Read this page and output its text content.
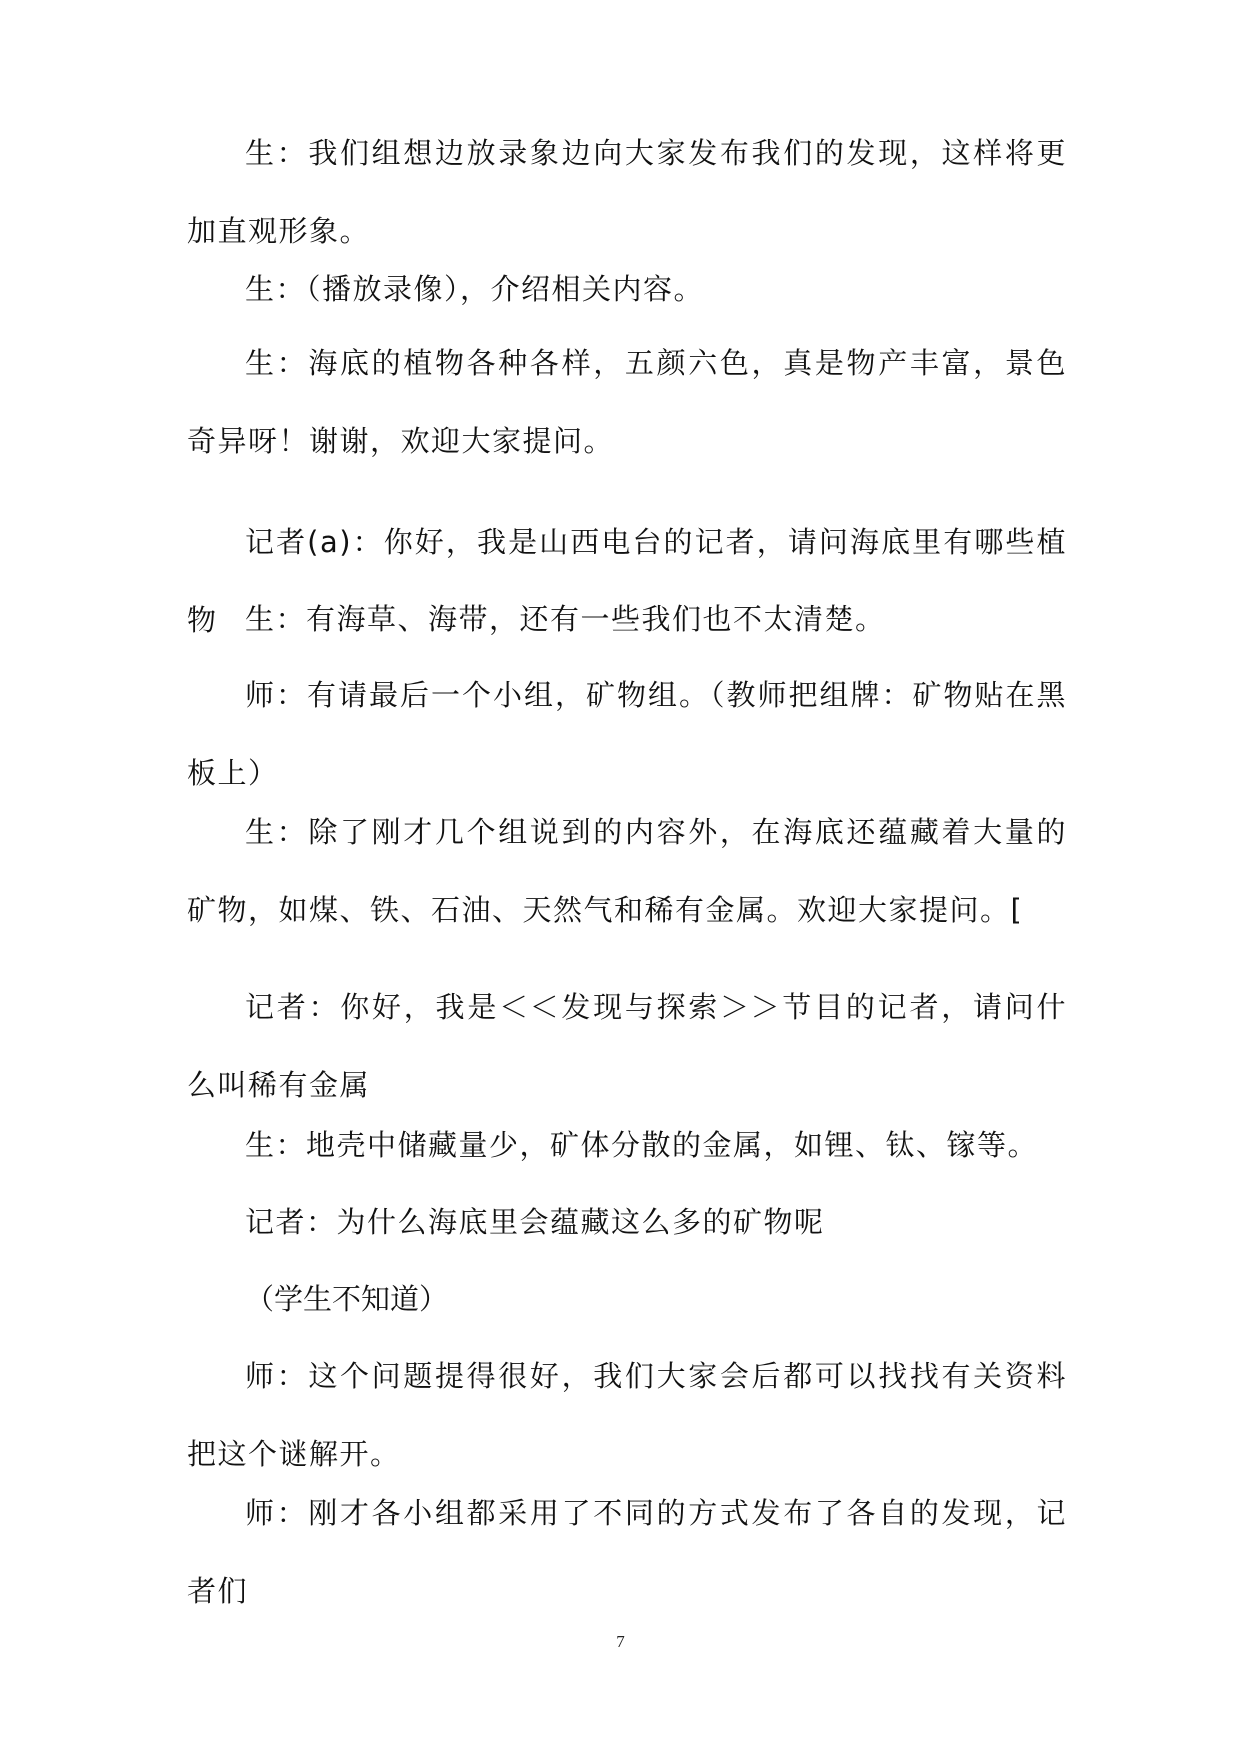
生：我们组想边放录象边向大家发布我们的发现，这样将更加直观形象。

生：（播放录像），介绍相关内容。

生：海底的植物各种各样，五颜六色，真是物产丰富，景色奇异呀！谢谢，欢迎大家提问。

记者(a)：你好，我是山西电台的记者，请问海底里有哪些植物 生：有海草、海带，还有一些我们也不太清楚。

师：有请最后一个小组，矿物组。（教师把组牌：矿物贴在黑板上）

生：除了刚才几个组说到的内容外，在海底还蕴藏着大量的矿物，如煤、铁、石油、天然气和稀有金属。欢迎大家提问。[

记者：你好，我是＜＜发现与探索＞＞节目的记者，请问什么叫稀有金属

生：地壳中储藏量少，矿体分散的金属，如锂、钛、镓等。

记者：为什么海底里会蕴藏这么多的矿物呢

（学生不知道）

师：这个问题提得很好，我们大家会后都可以找找有关资料把这个谜解开。

师：刚才各小组都采用了不同的方式发布了各自的发现，记者们

7
